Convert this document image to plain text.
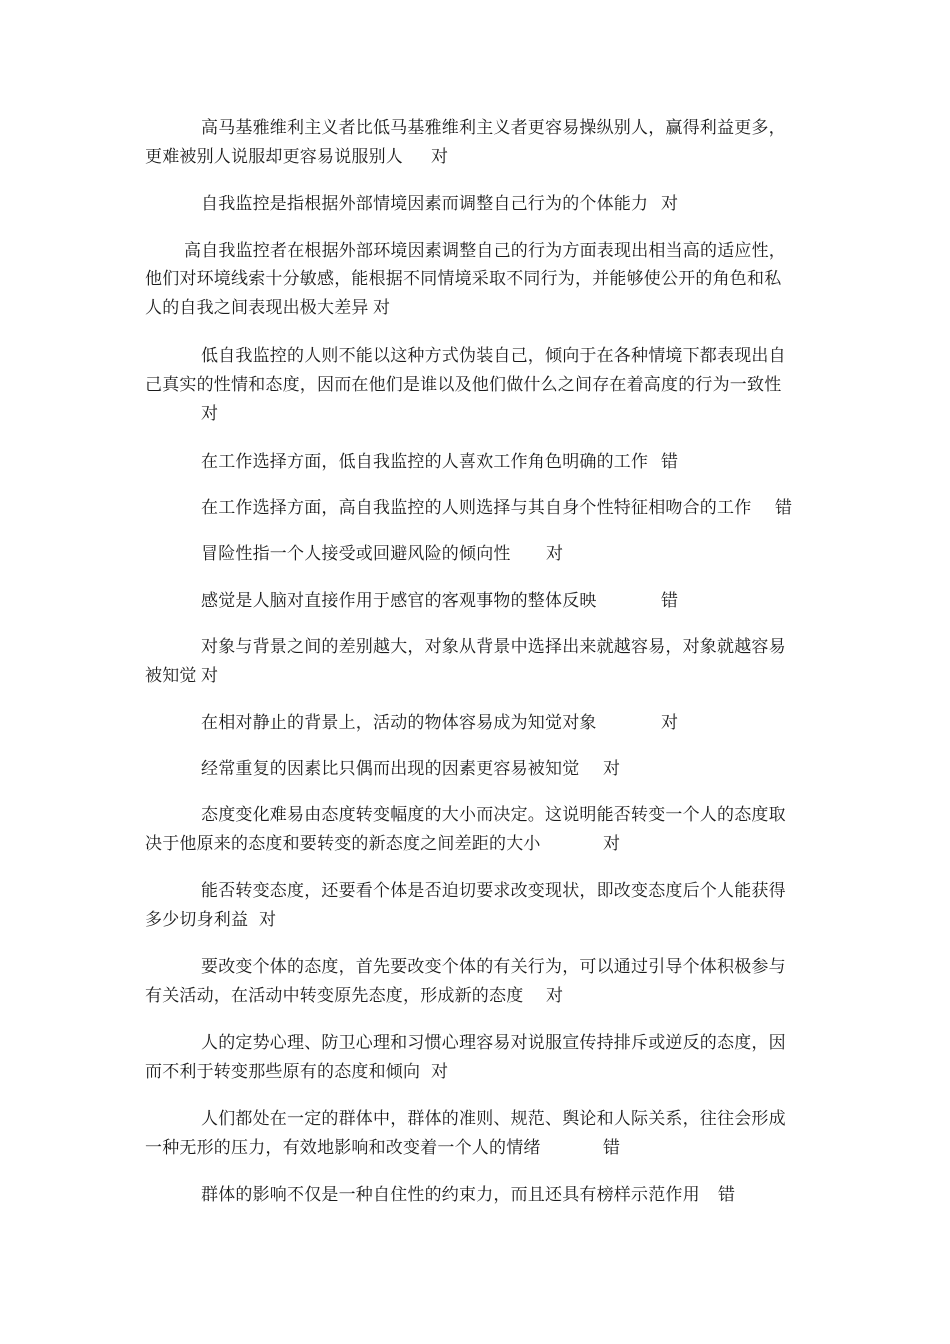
高马基雅维利主义者比低马基雅维利主义者更容易操纵别人，赢得利益更多，
更难被别人说服却更容易说服别人 对
自我监控是指根据外部情境因素而调整自己行为的个体能力 对
高自我监控者在根据外部环境因素调整自己的行为方面表现出相当高的适应性，
他们对环境线索十分敏感，能根据不同情境采取不同行为，并能够使公开的角色和私
人的自我之间表现出极大差异 对
低自我监控的人则不能以这种方式伪装自己，倾向于在各种情境下都表现出自
己真实的性情和态度，因而在他们是谁以及他们做什么之间存在着高度的行为一致性
对
在工作选择方面，低自我监控的人喜欢工作角色明确的工作 错
在工作选择方面，高自我监控的人则选择与其自身个性特征相吻合的工作 错
冒险性指一个人接受或回避风险的倾向性 对
感觉是人脑对直接作用于感官的客观事物的整体反映	错
对象与背景之间的差别越大，对象从背景中选择出来就越容易，对象就越容易
被知觉 对
在相对静止的背景上，活动的物体容易成为知觉对象	对
经常重复的因素比只偶而出现的因素更容易被知觉 对
态度变化难易由态度转变幅度的大小而决定。这说明能否转变一个人的态度取
决于他原来的态度和要转变的新态度之间差距的大小	对
能否转变态度，还要看个体是否迫切要求改变现状，即改变态度后个人能获得
多少切身利益 对
要改变个体的态度，首先要改变个体的有关行为，可以通过引导个体积极参与
有关活动，在活动中转变原先态度，形成新的态度 对
人的定势心理、防卫心理和习惯心理容易对说服宣传持排斥或逆反的态度，因
而不利于转变那些原有的态度和倾向 对
人们都处在一定的群体中，群体的准则、规范、舆论和人际关系，往往会形成
一种无形的压力，有效地影响和改变着一个人的情绪	错
群体的影响不仅是一种自住性的约束力，而且还具有榜样示范作用 错
